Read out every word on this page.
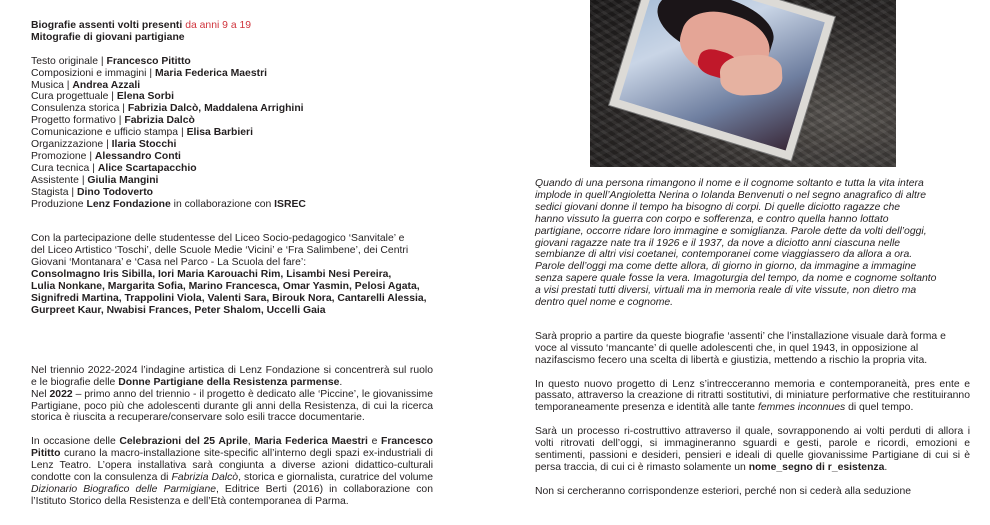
Biografie assenti volti presenti da anni 9 a 19
Mitografie di giovani partigiane
Testo originale | Francesco Pititto
Composizioni e immagini | Maria Federica Maestri
Musica | Andrea Azzali
Cura progettuale | Elena Sorbi
Consulenza storica | Fabrizia Dalcò, Maddalena Arrighini
Progetto formativo | Fabrizia Dalcò
Comunicazione e ufficio stampa | Elisa Barbieri
Organizzazione | Ilaria Stocchi
Promozione | Alessandro Conti
Cura tecnica | Alice Scartapacchio
Assistente | Giulia Mangini
Stagista | Dino Todoverto
Produzione Lenz Fondazione in collaborazione con ISREC
Con la partecipazione delle studentesse del Liceo Socio-pedagogico ‘Sanvitale’ e
del Liceo Artistico ‘Toschi’, delle Scuole Medie ‘Vicini’ e ‘Fra Salimbene’, dei Centri
Giovani ‘Montanara’ e ‘Casa nel Parco - La Scuola del fare’:
Consolmagno Iris Sibilla, Iori Maria Karouachi Rim, Lisambi Nesi Pereira,
Lulia Nonkane, Margarita Sofia, Marino Francesca, Omar Yasmin, Pelosi Agata,
Signifredi Martina, Trappolini Viola, Valenti Sara, Birouk Nora, Cantarelli Alessia,
Gurpreet Kaur, Nwabisi Frances, Peter Shalom, Uccelli Gaia

Nel triennio 2022-2024 l’indagine artistica di Lenz Fondazione si concentrerà sul ruolo e le biografie delle Donne Partigiane della Resistenza parmense.

Nel 2022 – primo anno del triennio - il progetto è dedicato alle ‘Piccine’, le giovanissime Partigiane, poco più che adolescenti durante gli anni della Resistenza, di cui la ricerca storica è riuscita a recuperare/conservare solo esili tracce documentarie.

In occasione delle Celebrazioni del 25 Aprile, Maria Federica Maestri e Francesco Pititto curano la macro-installazione site-specific all’interno degli spazi ex-industriali di Lenz Teatro. L’opera installativa sarà congiunta a diverse azioni didattico-culturali condotte con la consulenza di Fabrizia Dalcò, storica e giornalista, curatrice del volume Dizionario Biografico delle Parmigiane, Editrice Berti (2016) in collaborazione con l’Istituto Storico della Resistenza e dell’Età contemporanea di Parma.

Quando di una persona rimangono il nome e il cognome soltanto e tutta la vita intera
implode in quell’Angioletta Nerina o Iolanda Benvenuti o nel segno anagrafico di altre
sedici giovani donne il tempo ha bisogno di corpi. Di quelle diciotto ragazze che
hanno vissuto la guerra con corpo e sofferenza, e contro quella hanno lottato
partigiane, occorre ridare loro immagine e somiglianza. Parole dette da volti dell’oggi,
giovani ragazze nate tra il 1926 e il 1937, da nove a diciotto anni ciascuna nelle
sembianze di altri visi coetanei, contemporanei come viaggiassero da allora a ora.
Parole dell’oggi ma come dette allora, di giorno in giorno, da immagine a immagine
senza sapere quale fosse la vera. Imagoturgia del tempo, da nome e cognome soltanto
a visi prestati tutti diversi, virtuali ma in memoria reale di vite vissute, non dietro ma
dentro quel nome e cognome.
Sarà proprio a partire da queste biografie ‘assenti’ che l’installazione visuale darà forma e
voce al vissuto ‘mancante’ di quelle adolescenti che, in quel 1943, in opposizione al
nazifascismo fecero una scelta di libertà e giustizia, mettendo a rischio la propria vita.

In questo nuovo progetto di Lenz s’intrecceranno memoria e contemporaneità, pres ente e passato, attraverso la creazione di ritratti sostitutivi, di miniature performative che restituiranno temporaneamente presenza e identità alle tante femmes inconnues di quel tempo.

Sarà un processo ri-costruttivo attraverso il quale, sovrapponendo ai volti perduti di allora i volti ritrovati dell’oggi, si immagineranno sguardi e gesti, parole e ricordi, emozioni e sentimenti, passioni e desideri, pensieri e ideali di quelle giovanissime Partigiane di cui si è persa traccia, di cui ci è rimasto solamente un nome_segno di r_esistenza.

Non si cercheranno corrispondenze esteriori, perché non si cederà alla seduzione
